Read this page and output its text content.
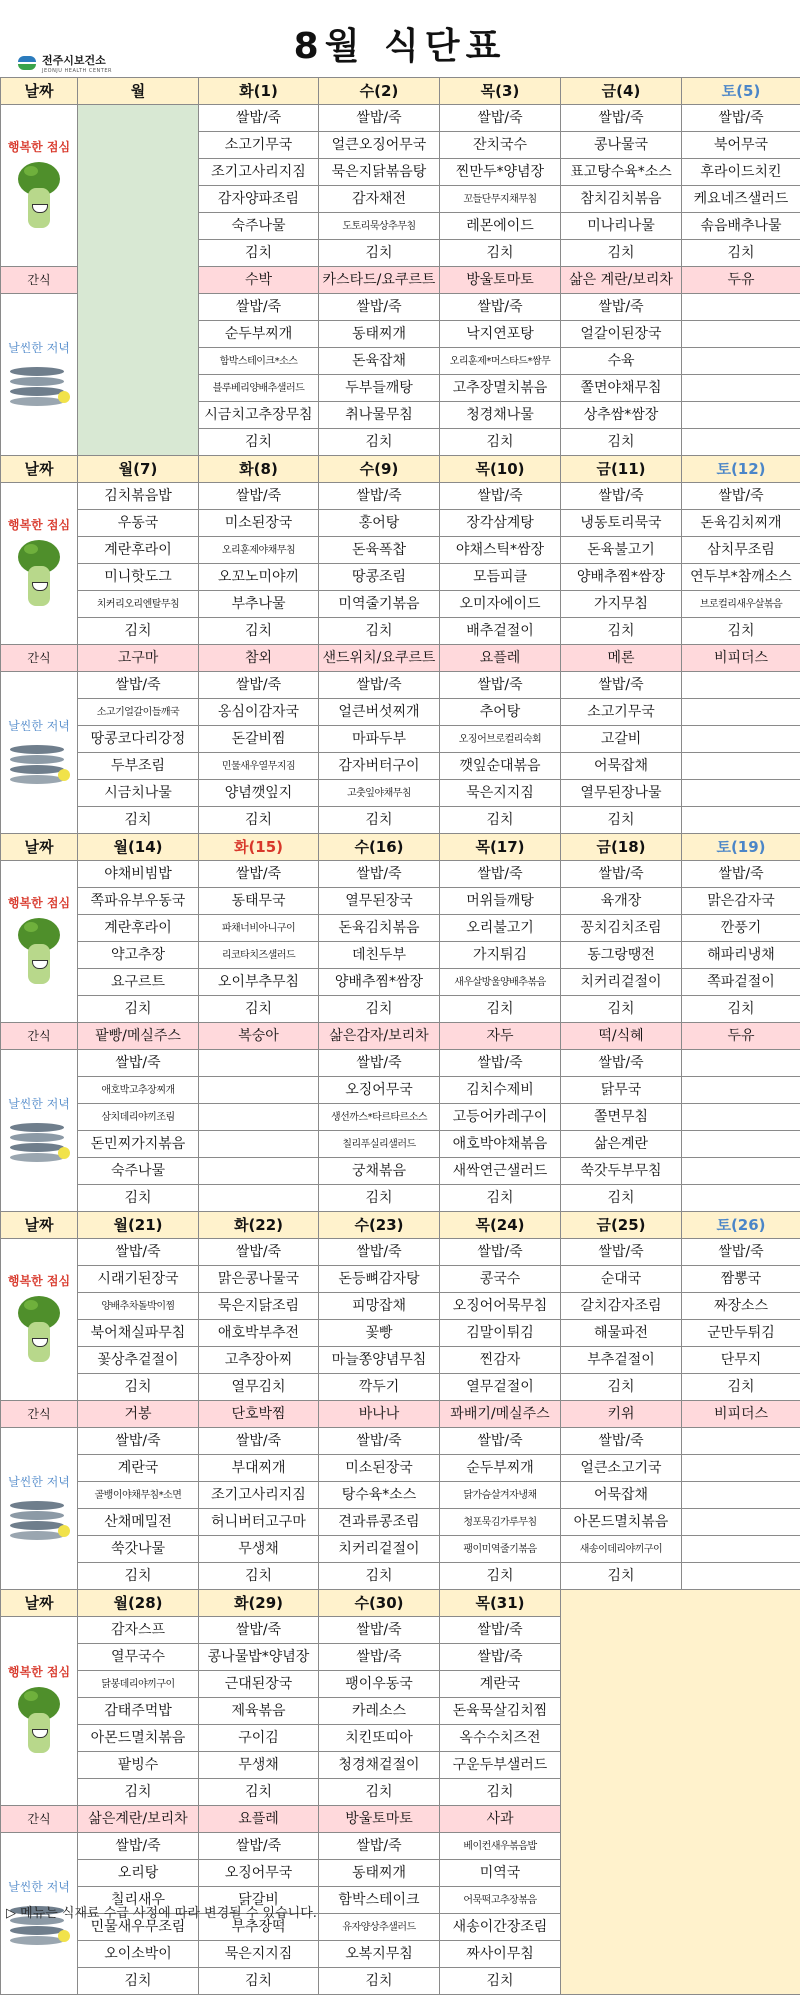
8월 식단표
전주시보건소
JEONJU HEALTH CENTER
날짜	월	화(1)	수(2)	목(3)	금(4)	토(5)

행복한 점심		쌀밥/죽	쌀밥/죽	쌀밥/죽	쌀밥/죽	쌀밥/죽
		소고기무국	얼큰오징어무국	잔치국수	콩나물국	북어무국
		조기고사리지짐	묵은지닭볶음탕	찐만두*양념장	표고탕수육*소스	후라이드치킨
		감자양파조림	감자채전	꼬들단무지채무침	참치김치볶음	케요네즈샐러드
		숙주나물	도토리묵상추무침	레몬에이드	미나리나물	솎음배추나물
		김치	김치	김치	김치	김치
간식		수박	카스타드/요쿠르트	방울토마토	삶은 계란/보리차	두유

날씬한 저녁		쌀밥/죽	쌀밥/죽	쌀밥/죽	쌀밥/죽	
		순두부찌개	동태찌개	낙지연포탕	얼갈이된장국	
		함박스테이크*소스	돈육잡채	오리훈제*머스타드*쌈무	수육	
		블루베리양배추샐러드	두부들깨탕	고추장멸치볶음	쫄면야채무침	
		시금치고추장무침	취나물무침	청경채나물	상추쌈*쌈장	
		김치	김치	김치	김치	
날짜	월(7)	화(8)	수(9)	목(10)	금(11)	토(12)

행복한 점심	김치볶음밥	쌀밥/죽	쌀밥/죽	쌀밥/죽	쌀밥/죽	쌀밥/죽
	우동국	미소된장국	홍어탕	장각삼계탕	냉동토리묵국	돈육김치찌개
	계란후라이	오리훈제야채무침	돈육폭찹	야채스틱*쌈장	돈육불고기	삼치무조림
	미니핫도그	오꼬노미야끼	땅콩조림	모듬피클	양배추찜*쌈장	연두부*참깨소스
	치커리오리엔탈무침	부추나물	미역줄기볶음	오미자에이드	가지무침	브로컬리새우살볶음
	김치	김치	김치	배추겉절이	김치	김치
간식	고구마	참외	샌드위치/요쿠르트	요플레	메론	비피더스

날씬한 저녁	쌀밥/죽	쌀밥/죽	쌀밥/죽	쌀밥/죽	쌀밥/죽	
	소고기얼갈이들깨국	옹심이감자국	얼큰버섯찌개	추어탕	소고기무국	
	땅콩코다리강정	돈갈비찜	마파두부	오징어브로컬리숙회	고갈비	
	두부조림	민물새우열무지짐	감자버터구이	깻잎순대볶음	어묵잡채	
	시금치나물	양념깻잎지	고춧잎야채무침	묵은지지짐	열무된장나물	
	김치	김치	김치	김치	김치	
날짜	월(14)	화(15)	수(16)	목(17)	금(18)	토(19)

행복한 점심	야채비빔밥	쌀밥/죽	쌀밥/죽	쌀밥/죽	쌀밥/죽	쌀밥/죽
	쪽파유부우동국	동태무국	열무된장국	머위들깨탕	육개장	맑은감자국
	계란후라이	파채너비아니구이	돈육김치볶음	오리불고기	꽁치김치조림	깐풍기
	약고추장	리코타치즈샐러드	데친두부	가지튀김	동그랑땡전	해파리냉채
	요구르트	오이부추무침	양배추찜*쌈장	새우살방울양배추볶음	치커리겉절이	쪽파겉절이
	김치	김치	김치	김치	김치	김치
간식	팥빵/메실주스	복숭아	삶은감자/보리차	자두	떡/식혜	두유

날씬한 저녁	쌀밥/죽		쌀밥/죽	쌀밥/죽	쌀밥/죽	
	애호박고추장찌개		오징어무국	김치수제비	닭무국	
	삼치데리야끼조림		생선까스*타르타르소스	고등어카레구이	쫄면무침	
	돈민찌가지볶음		칠리푸실리샐러드	애호박야채볶음	삶은계란	
	숙주나물		궁채볶음	새싹연근샐러드	쑥갓두부무침	
	김치		김치	김치	김치	
날짜	월(21)	화(22)	수(23)	목(24)	금(25)	토(26)

행복한 점심	쌀밥/죽	쌀밥/죽	쌀밥/죽	쌀밥/죽	쌀밥/죽	쌀밥/죽
	시래기된장국	맑은콩나물국	돈등뼈감자탕	콩국수	순대국	짬뽕국
	양배추차돌박이찜	묵은지닭조림	피망잡채	오징어어묵무침	갈치감자조림	짜장소스
	북어채실파무침	애호박부추전	꽃빵	김말이튀김	해물파전	군만두튀김
	꽃상추겉절이	고추장아찌	마늘쫑양념무침	찐감자	부추겉절이	단무지
	김치	열무김치	깍두기	열무겉절이	김치	김치
간식	거봉	단호박찜	바나나	꽈배기/메실주스	키위	비피더스

날씬한 저녁	쌀밥/죽	쌀밥/죽	쌀밥/죽	쌀밥/죽	쌀밥/죽	
	계란국	부대찌개	미소된장국	순두부찌개	얼큰소고기국	
	골뱅이야채무침*소면	조기고사리지짐	탕수육*소스	닭가슴살겨자냉채	어묵잡채	
	산채메밀전	허니버터고구마	견과류콩조림	청포묵김가루무침	아몬드멸치볶음	
	쑥갓나물	무생채	치커리겉절이	팽이미역줄기볶음	새송이데리야끼구이	
	김치	김치	김치	김치	김치	
날짜	월(28)	화(29)	수(30)	목(31)		

행복한 점심	감자스프	쌀밥/죽	쌀밥/죽	쌀밥/죽		
	열무국수	콩나물밥*양념장	쌀밥/죽	쌀밥/죽		
	닭봉데리야끼구이	근대된장국	팽이우동국	계란국		
	감태주먹밥	제육볶음	카레소스	돈육묵살김치찜		
	아몬드멸치볶음	구이김	치킨또띠아	옥수수치즈전		
	팥빙수	무생채	청경채겉절이	구운두부샐러드		
	김치	김치	김치	김치		
간식	삶은계란/보리차	요플레	방울토마토	사과		

날씬한 저녁	쌀밥/죽	쌀밥/죽	쌀밥/죽	베이컨새우볶음밥		
	오리탕	오징어무국	동태찌개	미역국		
	칠리새우	닭갈비	함박스테이크	어묵떡고추장볶음		
	민물새우무조림	부추장떡	유자양상추샐러드	새송이간장조림		
	오이소박이	묵은지지짐	오복지무침	짜사이무침		
	김치	김치	김치	김치		
▷ 메뉴는 식재료 수급 사정에 따라 변경될 수 있습니다.
